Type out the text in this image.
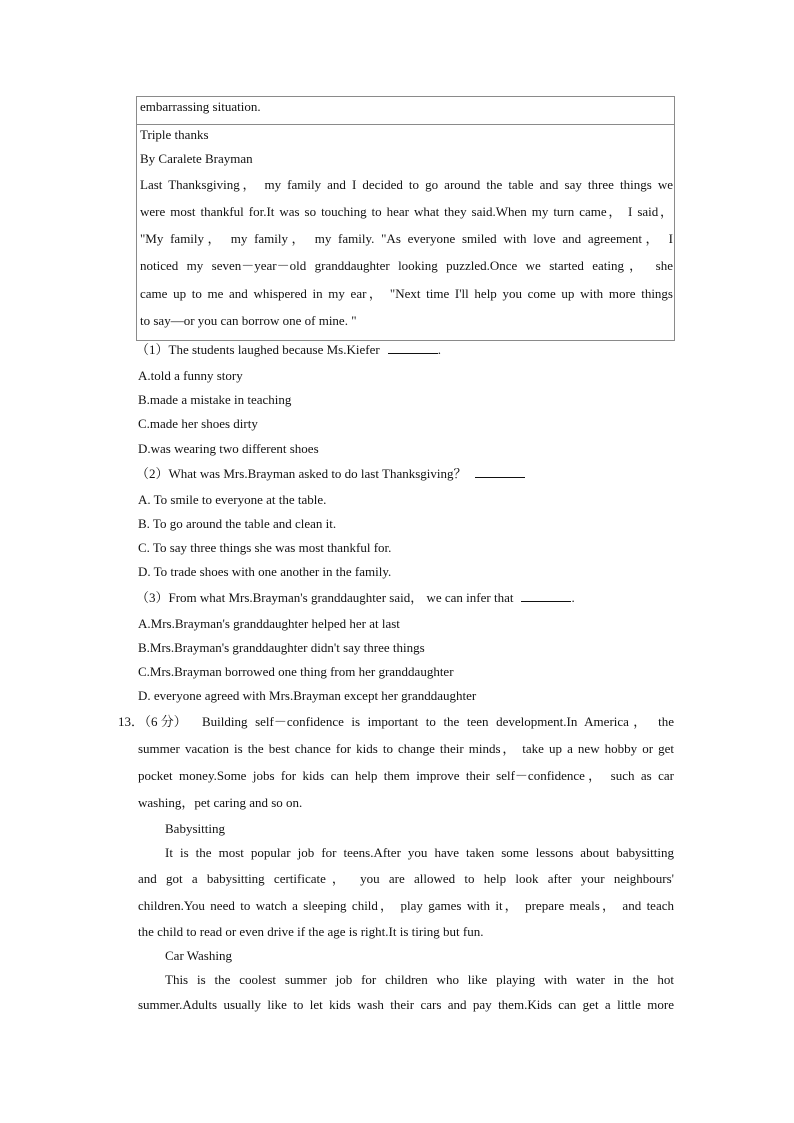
embarrassing situation.
Triple thanks
By Caralete Brayman
Last Thanksgiving， my family and I decided to go around the table and say three things we
were most thankful for.It was so touching to hear what they said.When my turn came， I said，
"My family， my family， my family. "As everyone smiled with love and agreement， I
noticed my seven－year－old granddaughter looking puzzled.Once we started eating， she
came up to me and whispered in my ear， "Next time I'll help you come up with more things
to say—or you can borrow one of mine. "
（1）The students laughed because Ms.Kiefer	.
A.told a funny story
B.made a mistake in teaching
C.made her shoes dirty
D.was wearing two different shoes
（2）What was Mrs.Brayman asked to do last Thanksgiving？
A. To smile to everyone at the table.
B. To go around the table and clean it.
C. To say three things she was most thankful for.
D. To trade shoes with one another in the family.
（3）From what Mrs.Brayman's granddaughter said， we can infer that	.
A.Mrs.Brayman's granddaughter helped her at last
B.Mrs.Brayman's granddaughter didn't say three things
C.Mrs.Brayman borrowed one thing from her granddaughter
D. everyone agreed with Mrs.Brayman except her granddaughter
13．
（6 分） Building self－confidence is important to the teen development.In America， the
summer vacation is the best chance for kids to change their minds， take up a new hobby or get
pocket money.Some jobs for kids can help them improve their self－confidence， such as car
washing，pet caring and so on.
Babysitting
It is the most popular job for teens.After you have taken some lessons about babysitting
and got a babysitting certificate， you are allowed to help look after your neighbours'
children.You need to watch a sleeping child， play games with it， prepare meals， and teach
the child to read or even drive if the age is right.It is tiring but fun.
Car Washing
This is the coolest summer job for children who like playing with water in the hot
summer.Adults usually like to let kids wash their cars and pay them.Kids can get a little more
